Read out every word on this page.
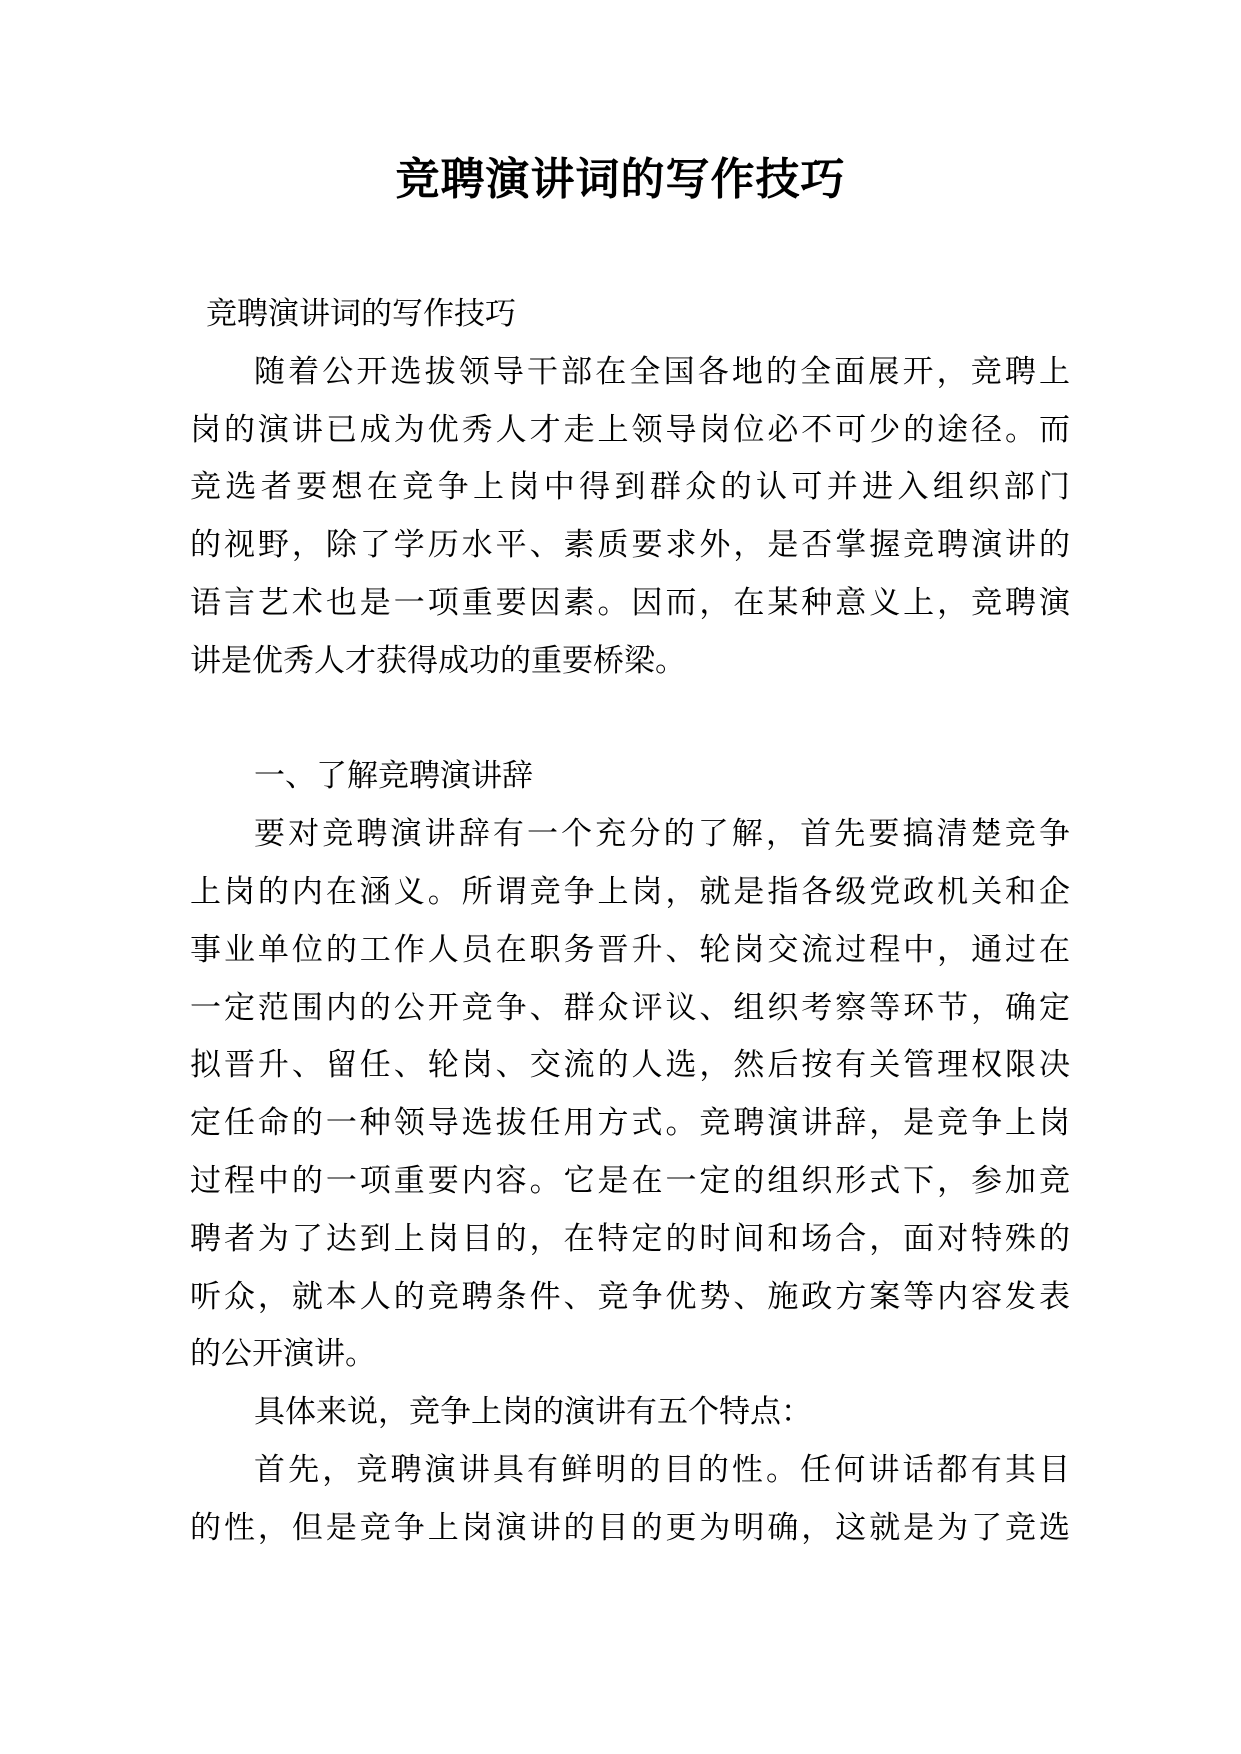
竞聘演讲词的写作技巧
竞聘演讲词的写作技巧
随着公开选拔领导干部在全国各地的全面展开，竞聘上
岗的演讲已成为优秀人才走上领导岗位必不可少的途径。而
竞选者要想在竞争上岗中得到群众的认可并进入组织部门
的视野，除了学历水平、素质要求外，是否掌握竞聘演讲的
语言艺术也是一项重要因素。因而，在某种意义上，竞聘演
讲是优秀人才获得成功的重要桥梁。
一、了解竞聘演讲辞
要对竞聘演讲辞有一个充分的了解，首先要搞清楚竞争
上岗的内在涵义。所谓竞争上岗，就是指各级党政机关和企
事业单位的工作人员在职务晋升、轮岗交流过程中，通过在
一定范围内的公开竞争、群众评议、组织考察等环节，确定
拟晋升、留任、轮岗、交流的人选，然后按有关管理权限决
定任命的一种领导选拔任用方式。竞聘演讲辞，是竞争上岗
过程中的一项重要内容。它是在一定的组织形式下，参加竞
聘者为了达到上岗目的，在特定的时间和场合，面对特殊的
听众，就本人的竞聘条件、竞争优势、施政方案等内容发表
的公开演讲。
具体来说，竞争上岗的演讲有五个特点：
首先，竞聘演讲具有鲜明的目的性。任何讲话都有其目
的性，但是竞争上岗演讲的目的更为明确，这就是为了竞选
